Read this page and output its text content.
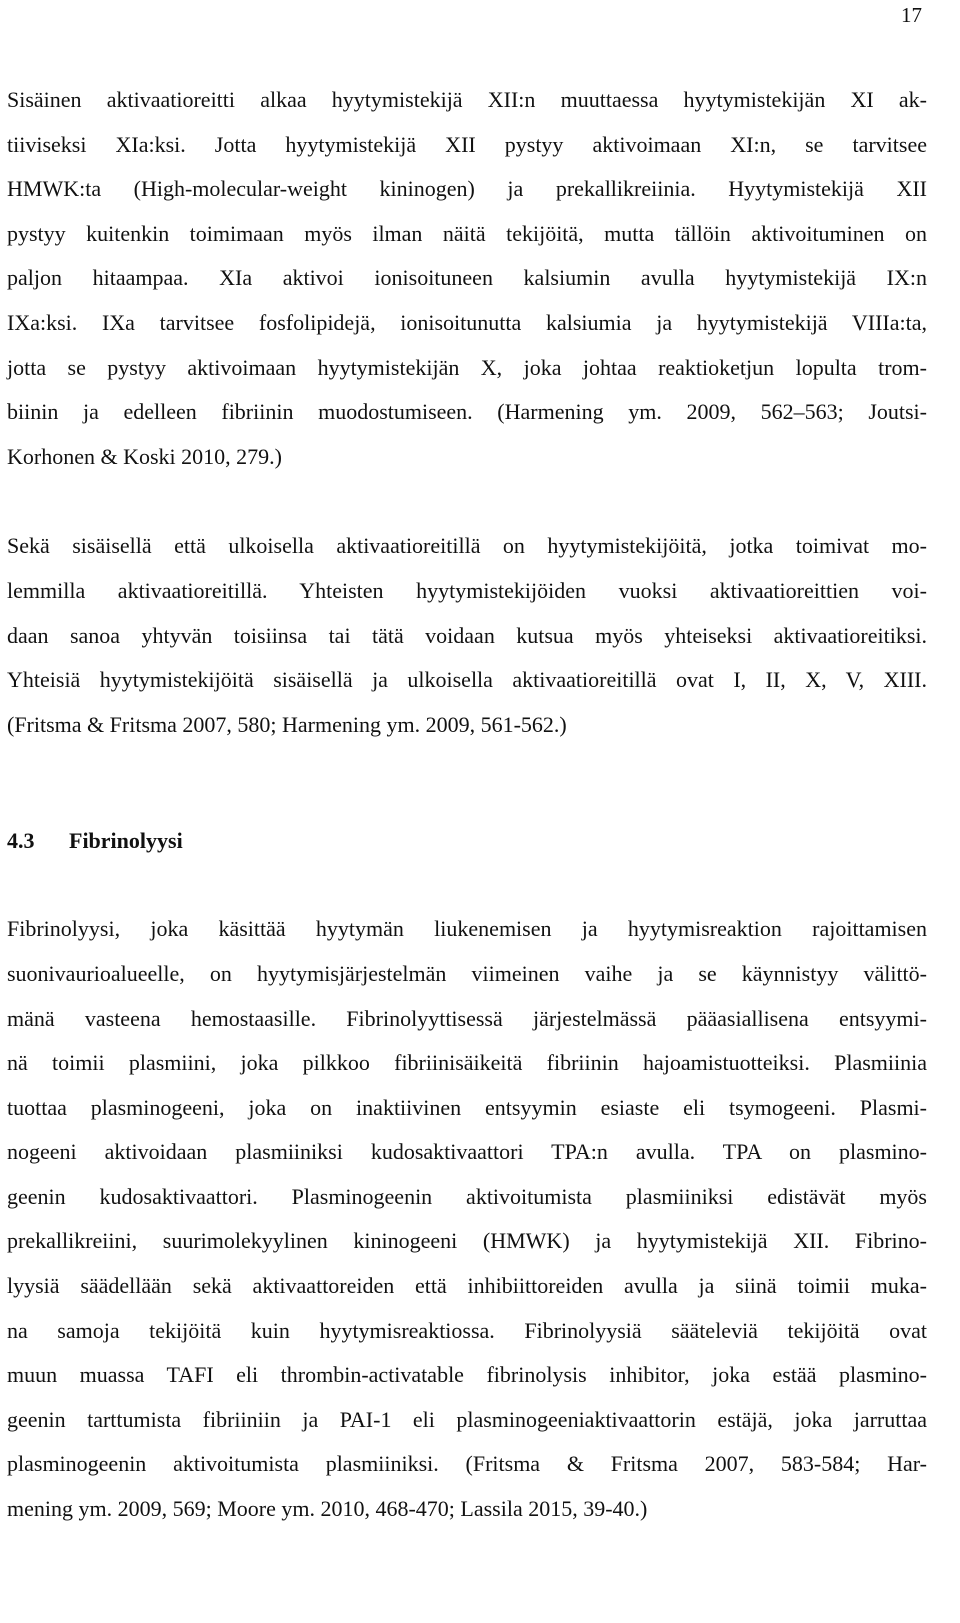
17

Sisäinen aktivaatioreitti alkaa hyytymistekijä XII:n muuttaessa hyytymistekijän XI ak-
tiiviseksi XIa:ksi. Jotta hyytymistekijä XII pystyy aktivoimaan XI:n, se tarvitsee
HMWK:ta (High-molecular-weight kininogen) ja prekallikreiinia. Hyytymistekijä XII
pystyy kuitenkin toimimaan myös ilman näitä tekijöitä, mutta tällöin aktivoituminen on
paljon hitaampaa. XIa aktivoi ionisoituneen kalsiumin avulla hyytymistekijä IX:n
IXa:ksi. IXa tarvitsee fosfolipidejä, ionisoitunutta kalsiumia ja hyytymistekijä VIIIa:ta,
jotta se pystyy aktivoimaan hyytymistekijän X, joka johtaa reaktioketjun lopulta trom-
biinin ja edelleen fibriinin muodostumiseen. (Harmening ym. 2009, 562–563; Joutsi-
Korhonen & Koski 2010, 279.)

Sekä sisäisellä että ulkoisella aktivaatioreitillä on hyytymistekijöitä, jotka toimivat mo-
lemmilla aktivaatioreitillä. Yhteisten hyytymistekijöiden vuoksi aktivaatioreittien voi-
daan sanoa yhtyvän toisiinsa tai tätä voidaan kutsua myös yhteiseksi aktivaatioreitiksi.
Yhteisiä hyytymistekijöitä sisäisellä ja ulkoisella aktivaatioreitillä ovat I, II, X, V, XIII.
(Fritsma & Fritsma 2007, 580; Harmening ym. 2009, 561-562.)

4.3 Fibrinolyysi

Fibrinolyysi, joka käsittää hyytymän liukenemisen ja hyytymisreaktion rajoittamisen
suonivaurioalueelle, on hyytymisjärjestelmän viimeinen vaihe ja se käynnistyy välittö-
mänä vasteena hemostaasille. Fibrinolyyttisessä järjestelmässä pääasiallisena entsyymi-
nä toimii plasmiini, joka pilkkoo fibriinisäikeitä fibriinin hajoamistuotteiksi. Plasmiinia
tuottaa plasminogeeni, joka on inaktiivinen entsyymin esiaste eli tsymogeeni. Plasmi-
nogeeni aktivoidaan plasmiiniksi kudosaktivaattori TPA:n avulla. TPA on plasmino-
geenin kudosaktivaattori. Plasminogeenin aktivoitumista plasmiiniksi edistävät myös
prekallikreiini, suurimolekyylinen kininogeeni (HMWK) ja hyytymistekijä XII. Fibrino-
lyysiä säädellään sekä aktivaattoreiden että inhibiittoreiden avulla ja siinä toimii muka-
na samoja tekijöitä kuin hyytymisreaktiossa. Fibrinolyysiä sääteleviä tekijöitä ovat
muun muassa TAFI eli thrombin-activatable fibrinolysis inhibitor, joka estää plasmino-
geenin tarttumista fibriiniin ja PAI-1 eli plasminogeeniaktivaattorin estäjä, joka jarruttaa
plasminogeenin aktivoitumista plasmiiniksi. (Fritsma & Fritsma 2007, 583-584; Har-
mening ym. 2009, 569; Moore ym. 2010, 468-470; Lassila 2015, 39-40.)
